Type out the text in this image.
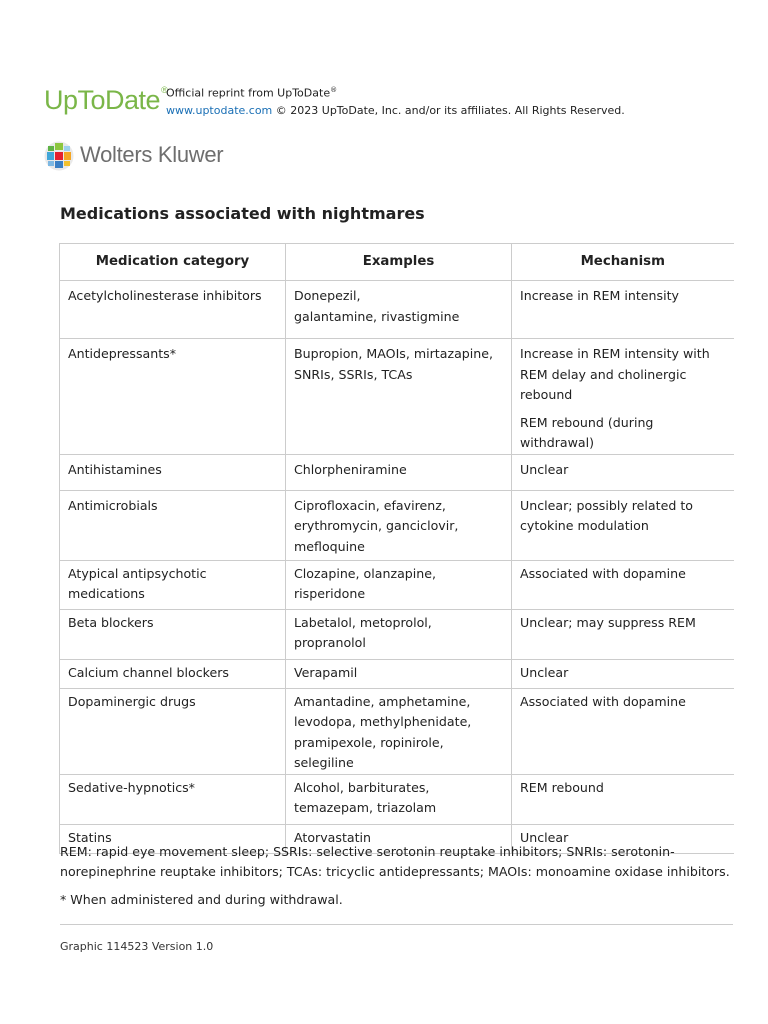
UpToDate®
Official reprint from UpToDate®
www.uptodate.com © 2023 UpToDate, Inc. and/or its affiliates. All Rights Reserved.
Wolters Kluwer
Medications associated with nightmares
Medication category	Examples	Mechanism

Acetylcholinesterase inhibitors	Donepezil,
galantamine, rivastigmine	Increase in REM intensity

Antidepressants*	Bupropion, MAOIs, mirtazapine,
SNRIs, SSRIs, TCAs	Increase in REM intensity with
REM delay and cholinergic
rebound
REM rebound (during withdrawal)

Antihistamines	Chlorpheniramine	Unclear

Antimicrobials	Ciprofloxacin, efavirenz,
erythromycin, ganciclovir,
mefloquine	Unclear; possibly related to
cytokine modulation

Atypical antipsychotic
medications	Clozapine, olanzapine,
risperidone	Associated with dopamine

Beta blockers	Labetalol, metoprolol,
propranolol	Unclear; may suppress REM

Calcium channel blockers	Verapamil	Unclear

Dopaminergic drugs	Amantadine, amphetamine,
levodopa, methylphenidate,
pramipexole, ropinirole, selegiline	Associated with dopamine

Sedative-hypnotics*	Alcohol, barbiturates,
temazepam, triazolam	REM rebound

Statins	Atorvastatin	Unclear

REM: rapid eye movement sleep; SSRIs: selective serotonin reuptake inhibitors; SNRIs: serotonin-norepinephrine reuptake inhibitors; TCAs: tricyclic antidepressants; MAOIs: monoamine oxidase inhibitors.

* When administered and during withdrawal.

Graphic 114523 Version 1.0
